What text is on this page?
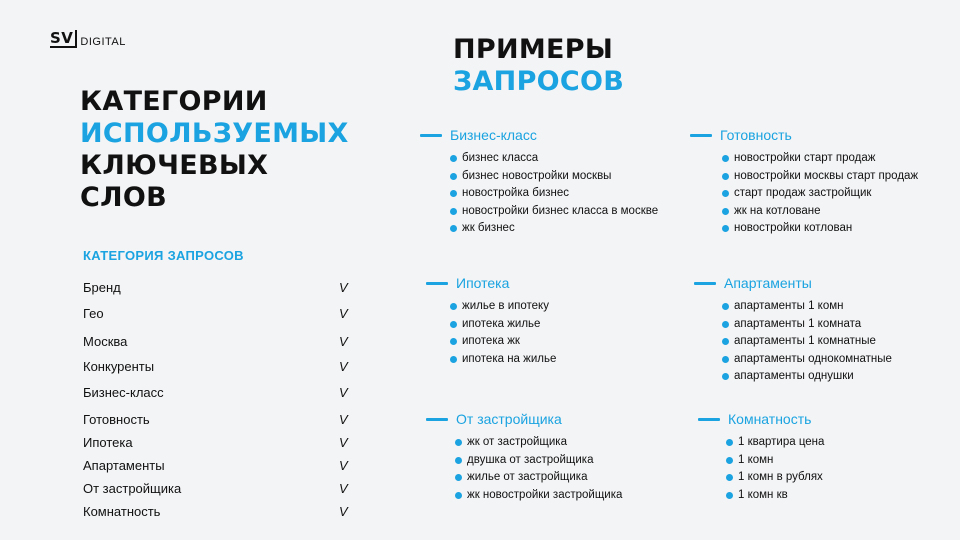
SV DIGITAL
КАТЕГОРИИ
ИСПОЛЬЗУЕМЫХ
КЛЮЧЕВЫХ
СЛОВ
ПРИМЕРЫ
ЗАПРОСОВ
КАТЕГОРИЯ ЗАПРОСОВ
Бренд	V
Гео	V
Москва	V
Конкуренты	V
Бизнес-класс	V
Готовность	V
Ипотека	V
Апартаменты	V
От застройщика	V
Комнатность	V
Бизнес-класс
бизнес класса
бизнес новостройки москвы
новостройка бизнес
новостройки бизнес класса в москве
жк бизнес
Готовность
новостройки старт продаж
новостройки москвы старт продаж
старт продаж застройщик
жк на котловане
новостройки котлован
Ипотека
жилье в ипотеку
ипотека жилье
ипотека жк
ипотека на жилье
Апартаменты
апартаменты 1 комн
апартаменты 1 комната
апартаменты 1 комнатные
апартаменты однокомнатные
апартаменты однушки
От застройщика
жк от застройщика
двушка от застройщика
жилье от застройщика
жк новостройки застройщика
Комнатность
1 квартира цена
1 комн
1 комн в рублях
1 комн кв
